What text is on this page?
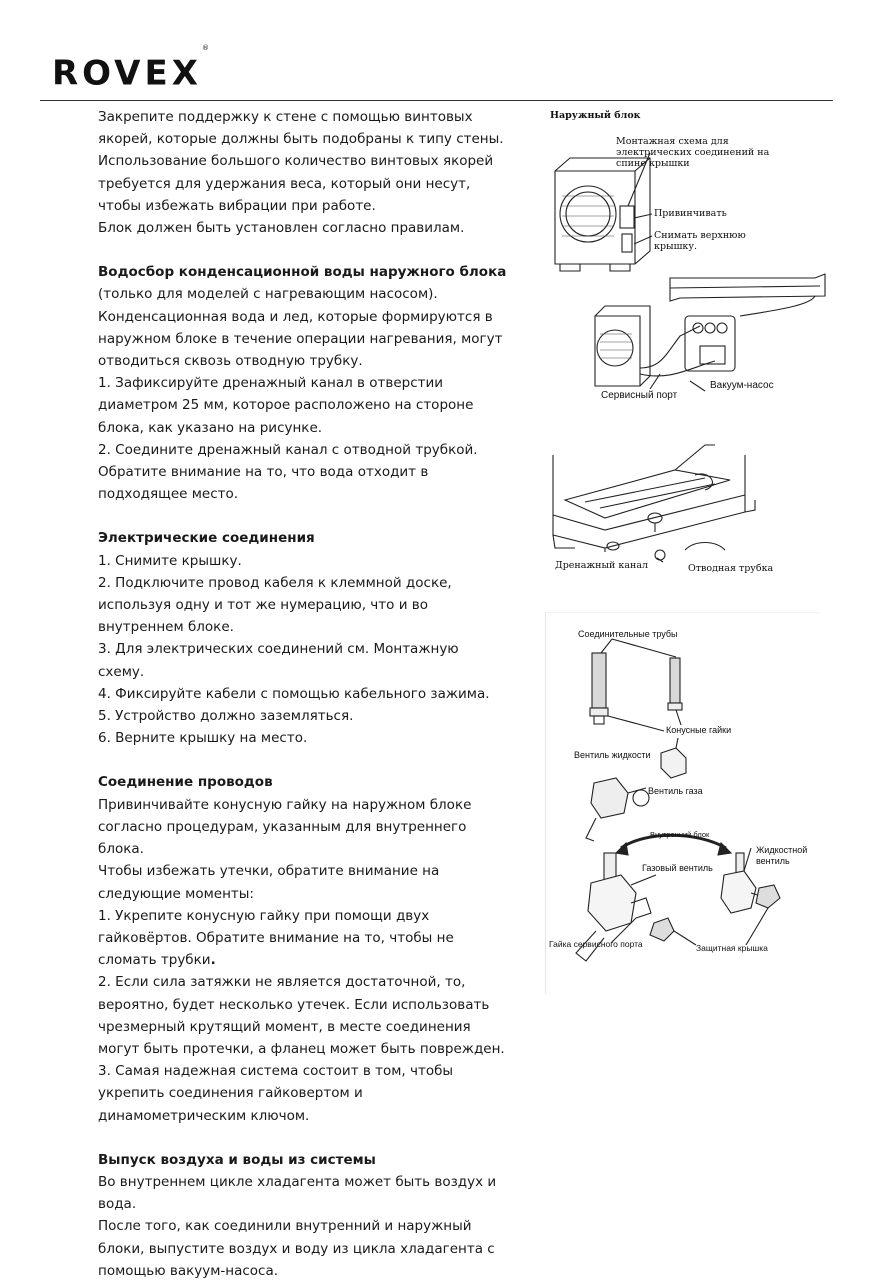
ROVEX®

Закрепите поддержку к стене с помощью винтовых якорей, которые должны быть подобраны к типу стены.

Использование большого количество винтовых якорей требуется для удержания веса, который они несут, чтобы избежать вибрации при работе.

Блок должен быть установлен согласно правилам.

Водосбор конденсационной воды наружного блока

(только для моделей с нагревающим насосом).

Конденсационная вода и лед, которые формируются в наружном блоке в течение операции нагревания, могут отводиться сквозь отводную трубку.

1. Зафиксируйте дренажный канал в отверстии диаметром 25 мм, которое расположено на стороне блока, как указано на рисунке.

2. Соедините дренажный канал с отводной трубкой. Обратите внимание на то, что вода отходит в подходящее место.

Электрические соединения

1. Снимите крышку.

2. Подключите провод кабеля к клеммной доске, используя одну и тот же нумерацию, что и во внутреннем блоке.

3. Для электрических соединений см. Монтажную схему.

4. Фиксируйте кабели с помощью кабельного зажима.

5. Устройство должно заземляться.

6. Верните крышку на место.

Соединение проводов

Привинчивайте конусную гайку на наружном блоке согласно процедурам, указанным для внутреннего блока.

Чтобы избежать утечки, обратите внимание на следующие моменты:

1. Укрепите конусную гайку при помощи двух гайковёртов. Обратите внимание на то, чтобы не сломать трубки.

2. Если сила затяжки не является достаточной, то, вероятно, будет несколько утечек. Если использовать чрезмерный крутящий момент, в месте соединения могут быть протечки, а фланец может быть поврежден.

3. Самая надежная система состоит в том, чтобы укрепить соединения гайковертом и динамометрическим ключом.

Выпуск воздуха и воды из системы

Во внутреннем цикле хладагента может быть воздух и вода.

После того, как соединили внутренний и наружный блоки, выпустите воздух и воду из цикла хладагента с помощью вакуум-насоса.

Наружный блок
Монтажная схема для электрических соединений на спине крышки
Привинчивать
Снимать верхнюю крышку.
Сервисный порт
Вакуум-насос
Дренажный канал	Отводная трубка
Соединительные трубы
Конусные гайки
Вентиль жидкости
Вентиль газа
Внутренний блок
Жидкостной вентиль
Газовый вентиль
Гайка сервисного порта	Защитная крышка
